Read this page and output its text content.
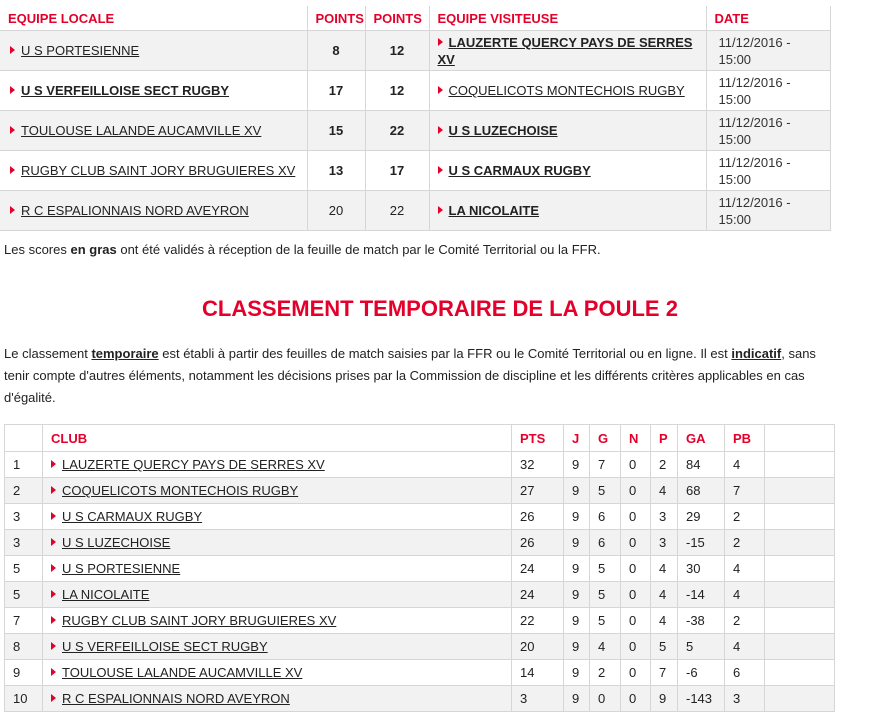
EQUIPE LOCALE	POINTS	POINTS	EQUIPE VISITEUSE	DATE
U S PORTESIENNE	8	12	LAUZERTE QUERCY PAYS DE SERRES XV	11/12/2016 -
15:00

U S VERFEILLOISE SECT RUGBY	17	12	COQUELICOTS MONTECHOIS RUGBY	11/12/2016 -
15:00

TOULOUSE LALANDE AUCAMVILLE XV	15	22	U S LUZECHOISE	11/12/2016 -
15:00

RUGBY CLUB SAINT JORY BRUGUIERES XV	13	17	U S CARMAUX RUGBY	11/12/2016 -
15:00

R C ESPALIONNAIS NORD AVEYRON	20	22	LA NICOLAITE	11/12/2016 -
15:00
Les scores en gras ont été validés à réception de la feuille de match par le Comité Territorial ou la FFR.
CLASSEMENT TEMPORAIRE DE LA POULE 2
Le classement temporaire est établi à partir des feuilles de match saisies par la FFR ou le Comité Territorial ou en ligne. Il est indicatif, sans tenir compte d'autres éléments, notamment les décisions prises par la Commission de discipline et les différents critères applicables en cas d'égalité.
	CLUB	PTS	J	G	N	P	GA	PB	
1	LAUZERTE QUERCY PAYS DE SERRES XV	32	9	7	0	2	84	4	
2	COQUELICOTS MONTECHOIS RUGBY	27	9	5	0	4	68	7	
3	U S CARMAUX RUGBY	26	9	6	0	3	29	2	
3	U S LUZECHOISE	26	9	6	0	3	-15	2	
5	U S PORTESIENNE	24	9	5	0	4	30	4	
5	LA NICOLAITE	24	9	5	0	4	-14	4	
7	RUGBY CLUB SAINT JORY BRUGUIERES XV	22	9	5	0	4	-38	2	
8	U S VERFEILLOISE SECT RUGBY	20	9	4	0	5	5	4	
9	TOULOUSE LALANDE AUCAMVILLE XV	14	9	2	0	7	-6	6	
10	R C ESPALIONNAIS NORD AVEYRON	3	9	0	0	9	-143	3	
